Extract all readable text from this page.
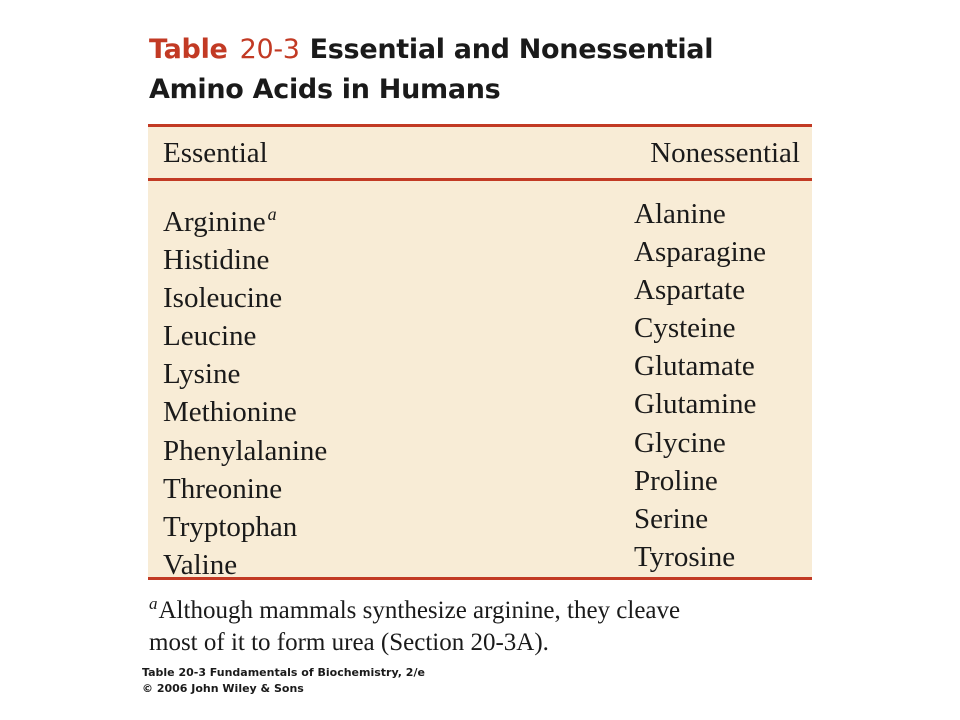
Table 20-3 Essential and Nonessential
Amino Acids in Humans
Essential	Nonessential
Arginine $^a$
Histidine
Isoleucine
Leucine
Lysine
Methionine
Phenylalanine
Threonine
Tryptophan
Valine
Alanine
Asparagine
Aspartate
Cysteine
Glutamate
Glutamine
Glycine
Proline
Serine
Tyrosine
$^a$Although mammals synthesize arginine, they cleave
most of it to form urea (Section 20-3A).
Table 20-3 Fundamentals of Biochemistry, 2/e
© 2006 John Wiley & Sons
